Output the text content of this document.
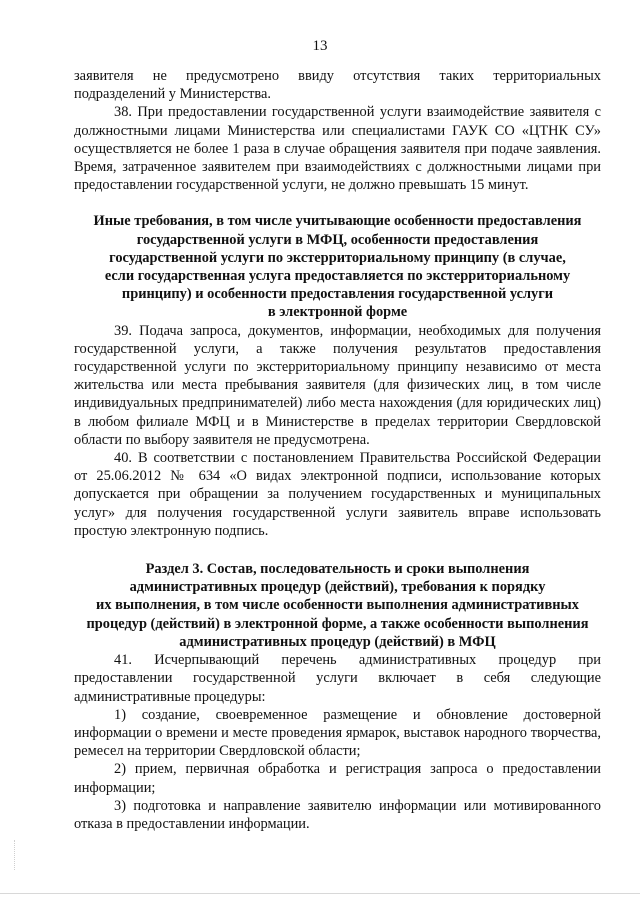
13

заявителя не предусмотрено ввиду отсутствия таких территориальных подразделений у Министерства.

38. При предоставлении государственной услуги взаимодействие заявителя с должностными лицами Министерства или специалистами ГАУК СО «ЦТНК СУ» осуществляется не более 1 раза в случае обращения заявителя при подаче заявления. Время, затраченное заявителем при взаимодействиях с должностными лицами при предоставлении государственной услуги, не должно превышать 15 минут.

Иные требования, в том числе учитывающие особенности предоставления
государственной услуги в МФЦ, особенности предоставления
государственной услуги по экстерриториальному принципу (в случае,
если государственная услуга предоставляется по экстерриториальному
принципу) и особенности предоставления государственной услуги
в электронной форме

39. Подача запроса, документов, информации, необходимых для получения государственной услуги, а также получения результатов предоставления государственной услуги по экстерриториальному принципу независимо от места жительства или места пребывания заявителя (для физических лиц, в том числе индивидуальных предпринимателей) либо места нахождения (для юридических лиц) в любом филиале МФЦ и в Министерстве в пределах территории Свердловской области по выбору заявителя не предусмотрена.

40. В соответствии с постановлением Правительства Российской Федерации от 25.06.2012 № 634 «О видах электронной подписи, использование которых допускается при обращении за получением государственных и муниципальных услуг» для получения государственной услуги заявитель вправе использовать простую электронную подпись.

Раздел 3. Состав, последовательность и сроки выполнения
административных процедур (действий), требования к порядку
их выполнения, в том числе особенности выполнения административных
процедур (действий) в электронной форме, а также особенности выполнения
административных процедур (действий) в МФЦ

41. Исчерпывающий перечень административных процедур при предоставлении государственной услуги включает в себя следующие административные процедуры:

1) создание, своевременное размещение и обновление достоверной информации о времени и месте проведения ярмарок, выставок народного творчества, ремесел на территории Свердловской области;

2) прием, первичная обработка и регистрация запроса о предоставлении информации;

3) подготовка и направление заявителю информации или мотивированного отказа в предоставлении информации.
